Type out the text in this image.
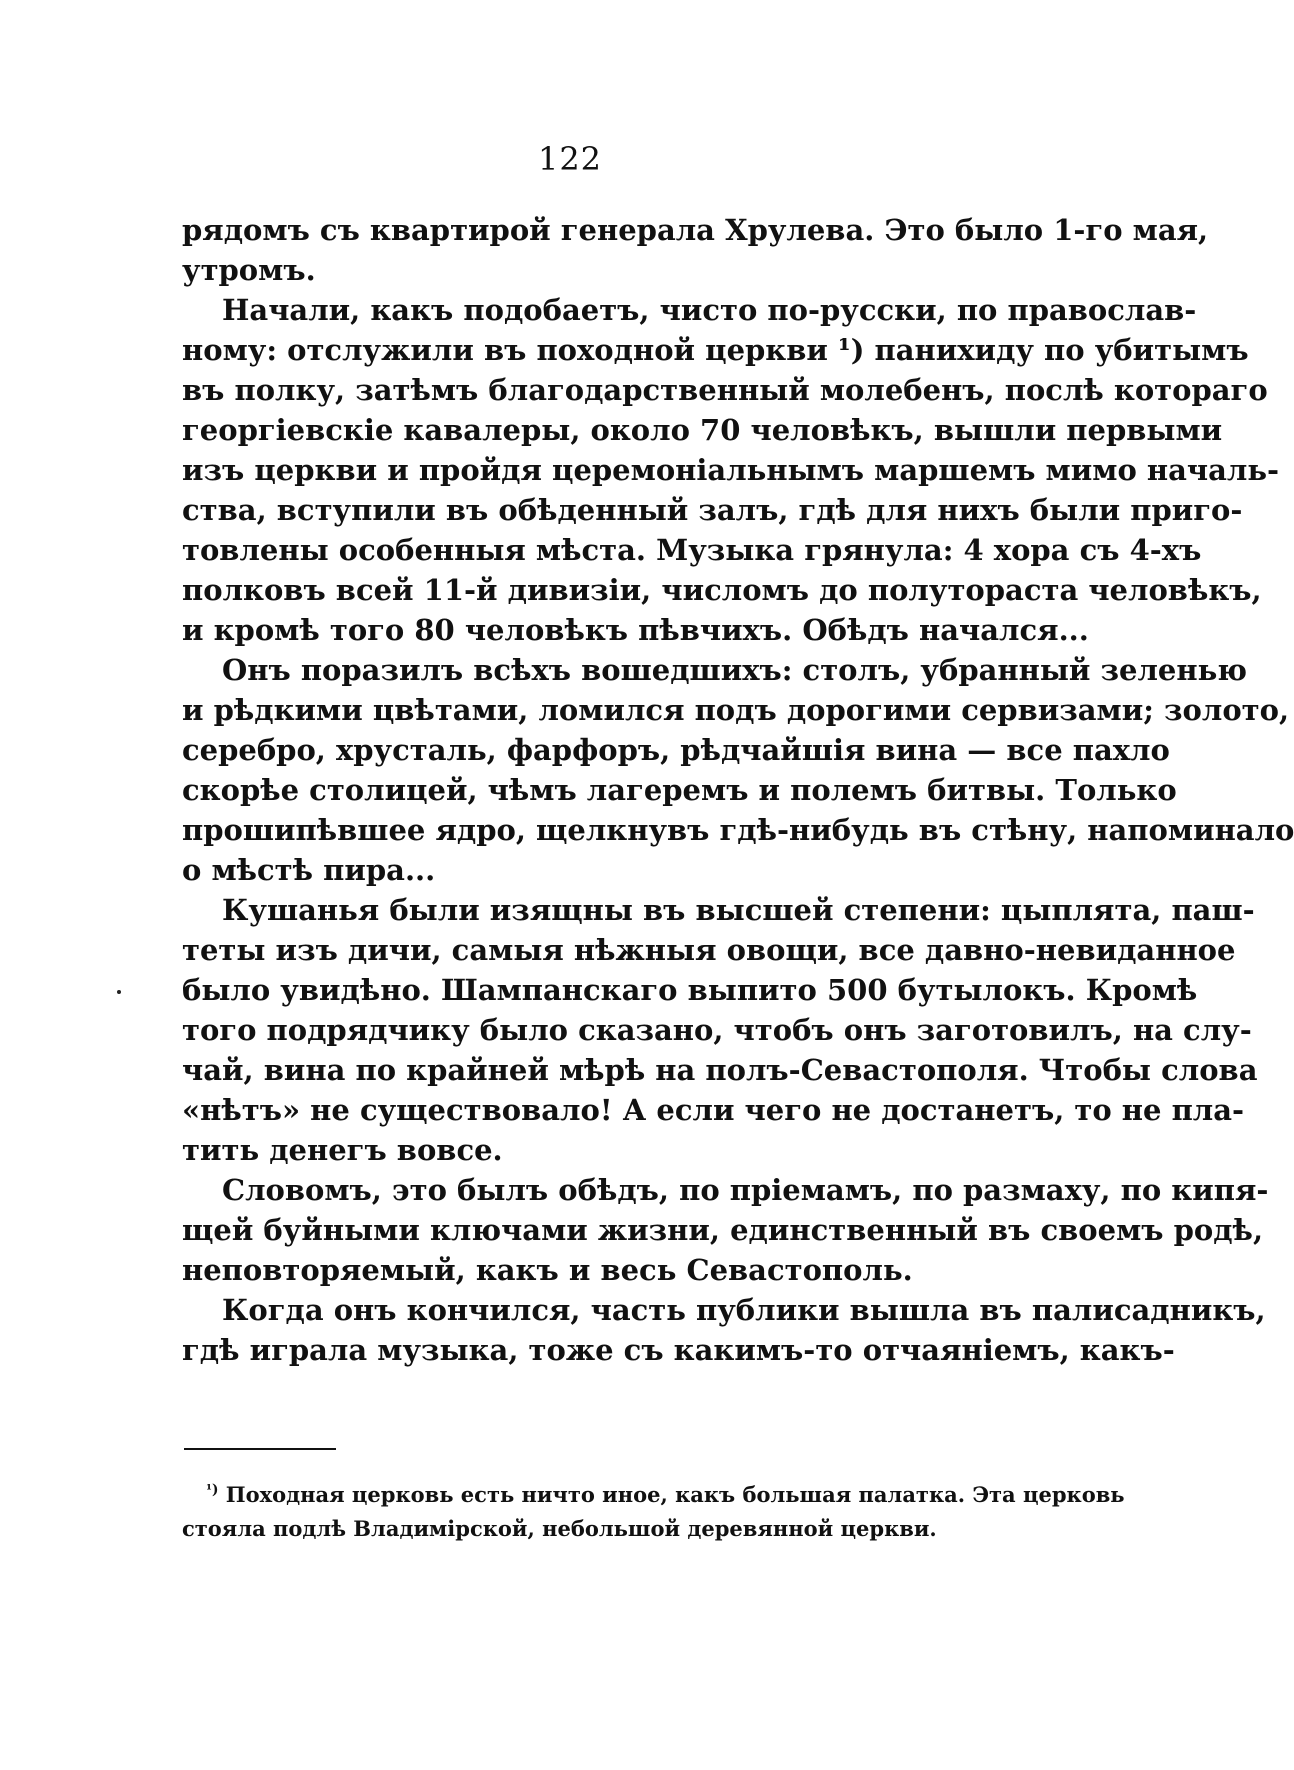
122

рядомъ съ квартирой генерала Хрулева. Это было 1-го мая,
утромъ.

Начали, какъ подобаетъ, чисто по-русски, по православ-
ному: отслужили въ походной церкви ¹) панихиду по убитымъ
въ полку, затѣмъ благодарственный молебенъ, послѣ котораго
георгіевскіе кавалеры, около 70 человѣкъ, вышли первыми
изъ церкви и пройдя церемоніальнымъ маршемъ мимо началь-
ства, вступили въ обѣденный залъ, гдѣ для нихъ были приго-
товлены особенныя мѣста. Музыка грянула: 4 хора съ 4-хъ
полковъ всей 11-й дивизіи, числомъ до полутораста человѣкъ,
и кромѣ того 80 человѣкъ пѣвчихъ. Обѣдъ начался...

Онъ поразилъ всѣхъ вошедшихъ: столъ, убранный зеленью
и рѣдкими цвѣтами, ломился подъ дорогими сервизами; золото,
серебро, хрусталь, фарфоръ, рѣдчайшія вина — все пахло
скорѣе столицей, чѣмъ лагеремъ и полемъ битвы. Только
прошипѣвшее ядро, щелкнувъ гдѣ-нибудь въ стѣну, напоминало
о мѣстѣ пира...

Кушанья были изящны въ высшей степени: цыплята, паш-
теты изъ дичи, самыя нѣжныя овощи, все давно-невиданное
было увидѣно. Шампанскаго выпито 500 бутылокъ. Кромѣ
того подрядчику было сказано, чтобъ онъ заготовилъ, на слу-
чай, вина по крайней мѣрѣ на полъ-Севастополя. Чтобы слова
«нѣтъ» не существовало! А если чего не достанетъ, то не пла-
тить денегъ вовсе.

Словомъ, это былъ обѣдъ, по пріемамъ, по размаху, по кипя-
щей буйными ключами жизни, единственный въ своемъ родѣ,
неповторяемый, какъ и весь Севастополь.

Когда онъ кончился, часть публики вышла въ палисадникъ,
гдѣ играла музыка, тоже съ какимъ-то отчаяніемъ, какъ-

$^{^1)}$ Походная церковь есть ничто иное, какъ большая палатка. Эта церковь
стояла подлѣ Владимірской, небольшой деревянной церкви.
